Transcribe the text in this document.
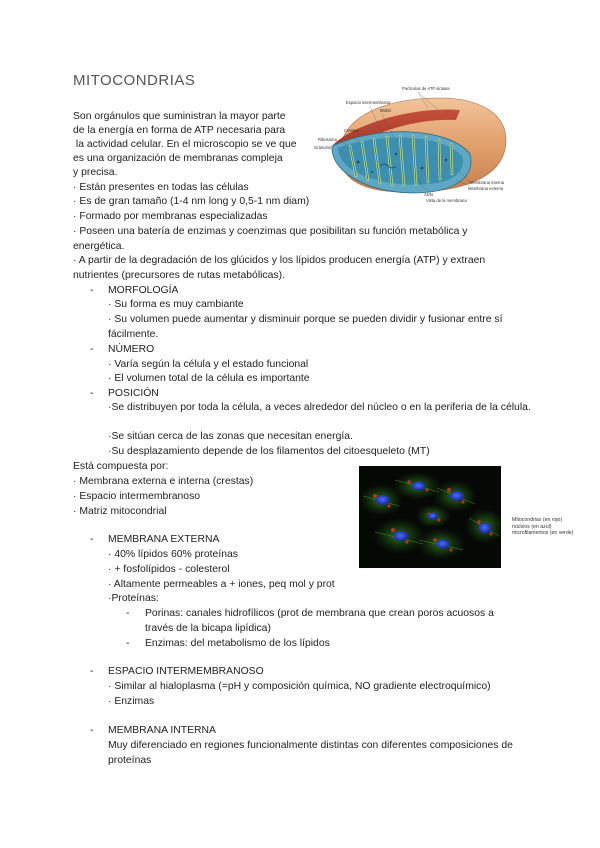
MITOCONDRIAS
Son orgánulos que suministran la mayor parte
de la energía en forma de ATP necesaria para
la actividad celular. En el microscopio se ve que
es una organización de membranas compleja
y precisa.
Partículas de ATP sintasa
Espacio intermembrana
Matriz
Crestas
Ribosoma
Gránulos
Membrana interna
Membrana externa
ADN
Vista de la membrana
· Están presentes en todas las células
· Es de gran tamaño (1-4 nm long y 0,5-1 nm diam)
· Formado por membranas especializadas
· Poseen una batería de enzimas y coenzimas que posibilitan su función metabólica y energética.
· A partir de la degradación de los glúcidos y los lípidos producen energía (ATP) y extraen nutrientes (precursores de rutas metabólicas).
- MORFOLOGÍA
· Su forma es muy cambiante
· Su volumen puede aumentar y disminuir porque se pueden dividir y fusionar entre sí fácilmente.
- NÚMERO
· Varía según la célula y el estado funcional
· El volumen total de la célula es importante
- POSICIÓN
·Se distribuyen por toda la célula, a veces alrededor del núcleo o en la periferia de la célula.
·Se sitúan cerca de las zonas que necesitan energía.
·Su desplazamiento depende de los filamentos del citoesqueleto (MT)
Está compuesta por:
· Membrana externa e interna (crestas)
· Espacio intermembranoso
· Matriz mitocondrial
Mitocondrias (en rojo)
núcleos (en azul)
microfilamentos (en verde)
- MEMBRANA EXTERNA
· 40% lípidos 60% proteínas
· + fosfolípidos - colesterol
· Altamente permeables a + iones, peq mol y prot
·Proteínas:
- Porinas: canales hidrofílicos (prot de membrana que crean poros acuosos a través de la bicapa lipídica)
- Enzimas: del metabolismo de los lípidos
- ESPACIO INTERMEMBRANOSO
· Similar al hialoplasma (=pH y composición química, NO gradiente electroquímico)
· Enzimas
- MEMBRANA INTERNA
Muy diferenciado en regiones funcionalmente distintas con diferentes composiciones de proteínas
